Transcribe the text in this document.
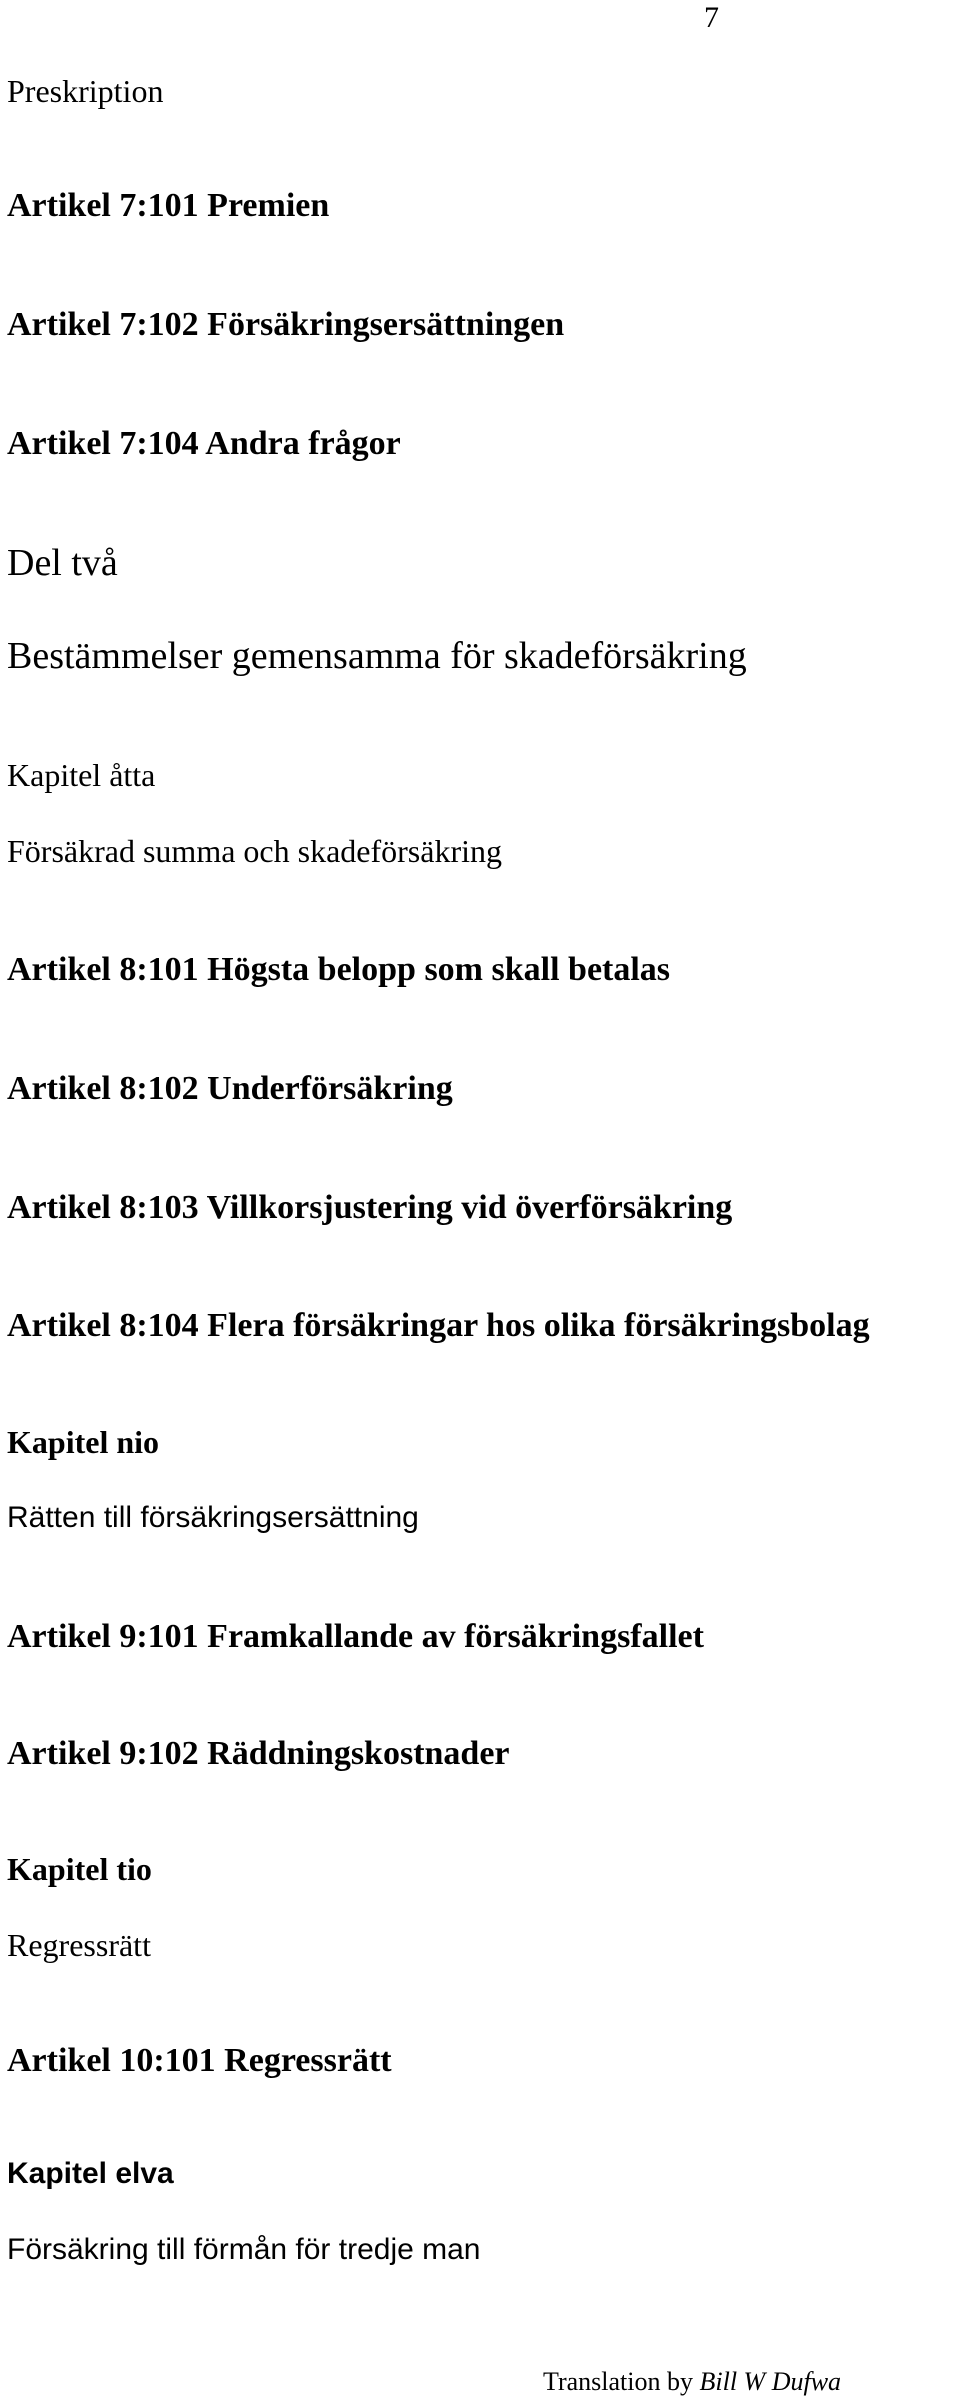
7
Preskription
Artikel 7:101 Premien
Artikel 7:102 Försäkringsersättningen
Artikel 7:104 Andra frågor
Del två
Bestämmelser gemensamma för skadeförsäkring
Kapitel åtta
Försäkrad summa och skadeförsäkring
Artikel 8:101 Högsta belopp som skall betalas
Artikel 8:102 Underförsäkring
Artikel 8:103 Villkorsjustering vid överförsäkring
Artikel 8:104 Flera försäkringar hos olika försäkringsbolag
Kapitel nio
Rätten till försäkringsersättning
Artikel 9:101 Framkallande av försäkringsfallet
Artikel 9:102 Räddningskostnader
Kapitel tio
Regressrätt
Artikel 10:101 Regressrätt
Kapitel elva
Försäkring till förmån för tredje man
Translation by Bill W Dufwa
